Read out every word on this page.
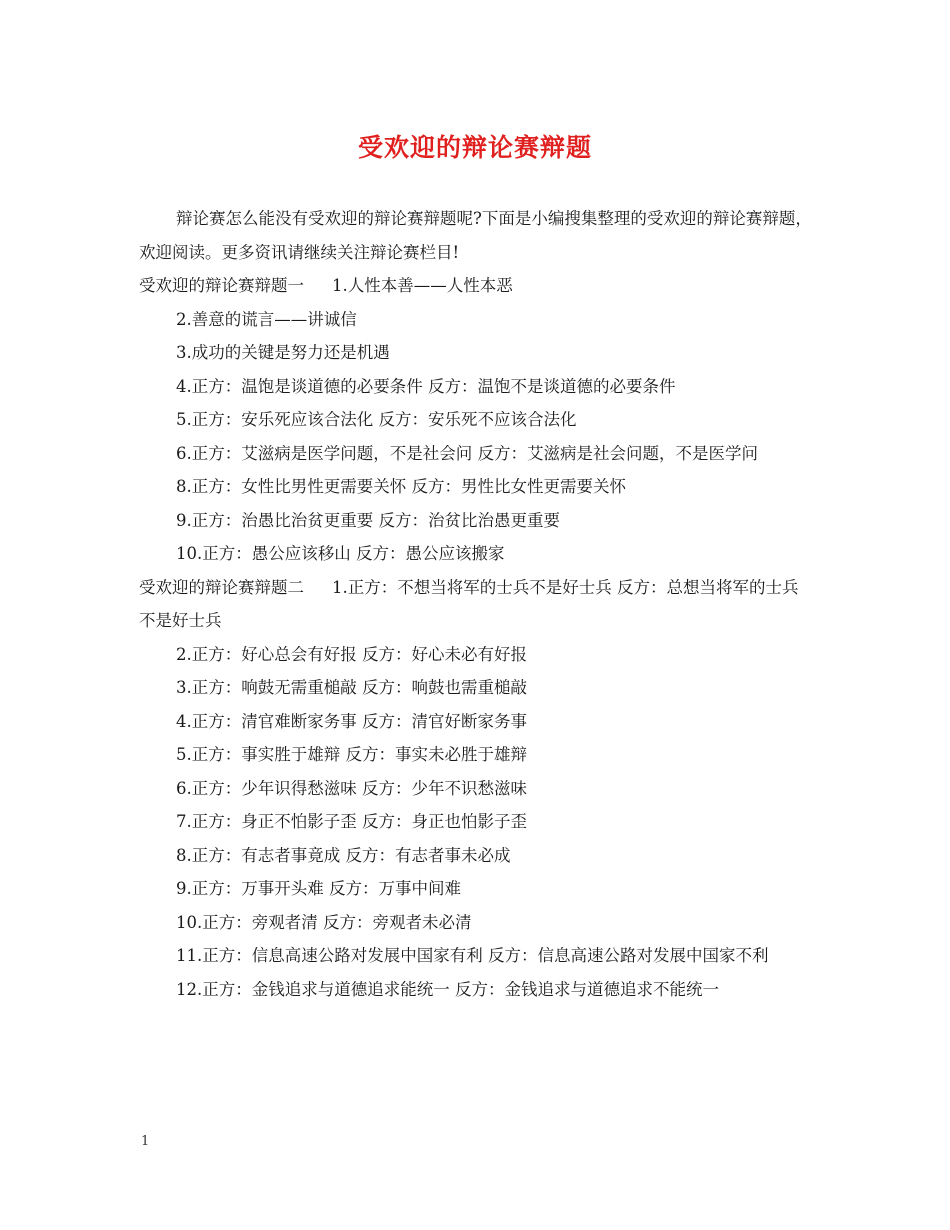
受欢迎的辩论赛辩题

辩论赛怎么能没有受欢迎的辩论赛辩题呢?下面是小编搜集整理的受欢迎的辩论赛辩题，欢迎阅读。更多资讯请继续关注辩论赛栏目!

受欢迎的辩论赛辩题一 1.人性本善——人性本恶

2.善意的谎言——讲诚信

3.成功的关键是努力还是机遇

4.正方：温饱是谈道德的必要条件 反方：温饱不是谈道德的必要条件

5.正方：安乐死应该合法化 反方：安乐死不应该合法化

6.正方：艾滋病是医学问题，不是社会问 反方：艾滋病是社会问题，不是医学问

8.正方：女性比男性更需要关怀 反方：男性比女性更需要关怀

9.正方：治愚比治贫更重要 反方：治贫比治愚更重要

10.正方：愚公应该移山 反方：愚公应该搬家

受欢迎的辩论赛辩题二 1.正方：不想当将军的士兵不是好士兵 反方：总想当将军的士兵不是好士兵

2.正方：好心总会有好报 反方：好心未必有好报

3.正方：响鼓无需重槌敲 反方：响鼓也需重槌敲

4.正方：清官难断家务事 反方：清官好断家务事

5.正方：事实胜于雄辩 反方：事实未必胜于雄辩

6.正方：少年识得愁滋味 反方：少年不识愁滋味

7.正方：身正不怕影子歪 反方：身正也怕影子歪

8.正方：有志者事竟成 反方：有志者事未必成

9.正方：万事开头难 反方：万事中间难

10.正方：旁观者清 反方：旁观者未必清

11.正方：信息高速公路对发展中国家有利 反方：信息高速公路对发展中国家不利

12.正方：金钱追求与道德追求能统一 反方：金钱追求与道德追求不能统一

1
